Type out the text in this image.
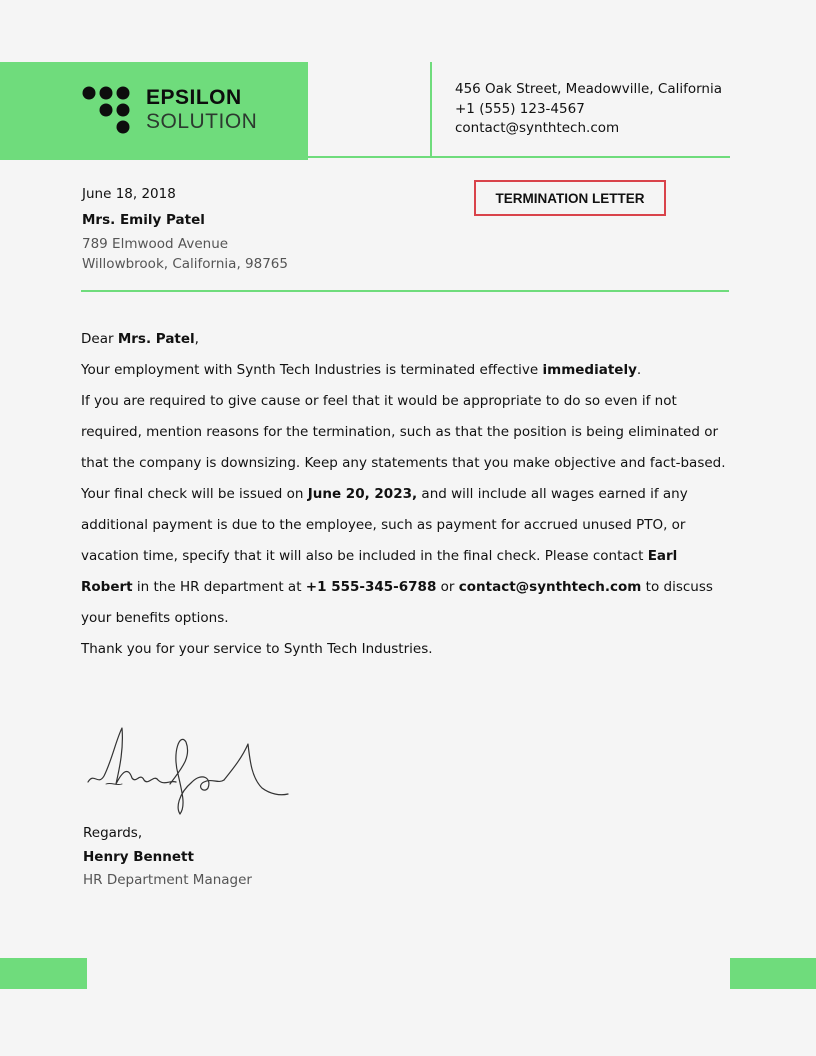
EPSILON
SOLUTION
456 Oak Street, Meadowville, California
+1 (555) 123-4567
contact@synthtech.com
June 18, 2018
Mrs. Emily Patel
789 Elmwood Avenue
Willowbrook, California, 98765
TERMINATION LETTER

Dear Mrs. Patel,

Your employment with Synth Tech Industries is terminated effective immediately.

If you are required to give cause or feel that it would be appropriate to do so even if not required, mention reasons for the termination, such as that the position is being eliminated or that the company is downsizing. Keep any statements that you make objective and fact-based.

Your final check will be issued on June 20, 2023, and will include all wages earned if any additional payment is due to the employee, such as payment for accrued unused PTO, or vacation time, specify that it will also be included in the final check. Please contact Earl Robert in the HR department at +1 555-345-6788 or contact@synthtech.com to discuss your benefits options.

Thank you for your service to Synth Tech Industries.

Regards,
Henry Bennett
HR Department Manager
